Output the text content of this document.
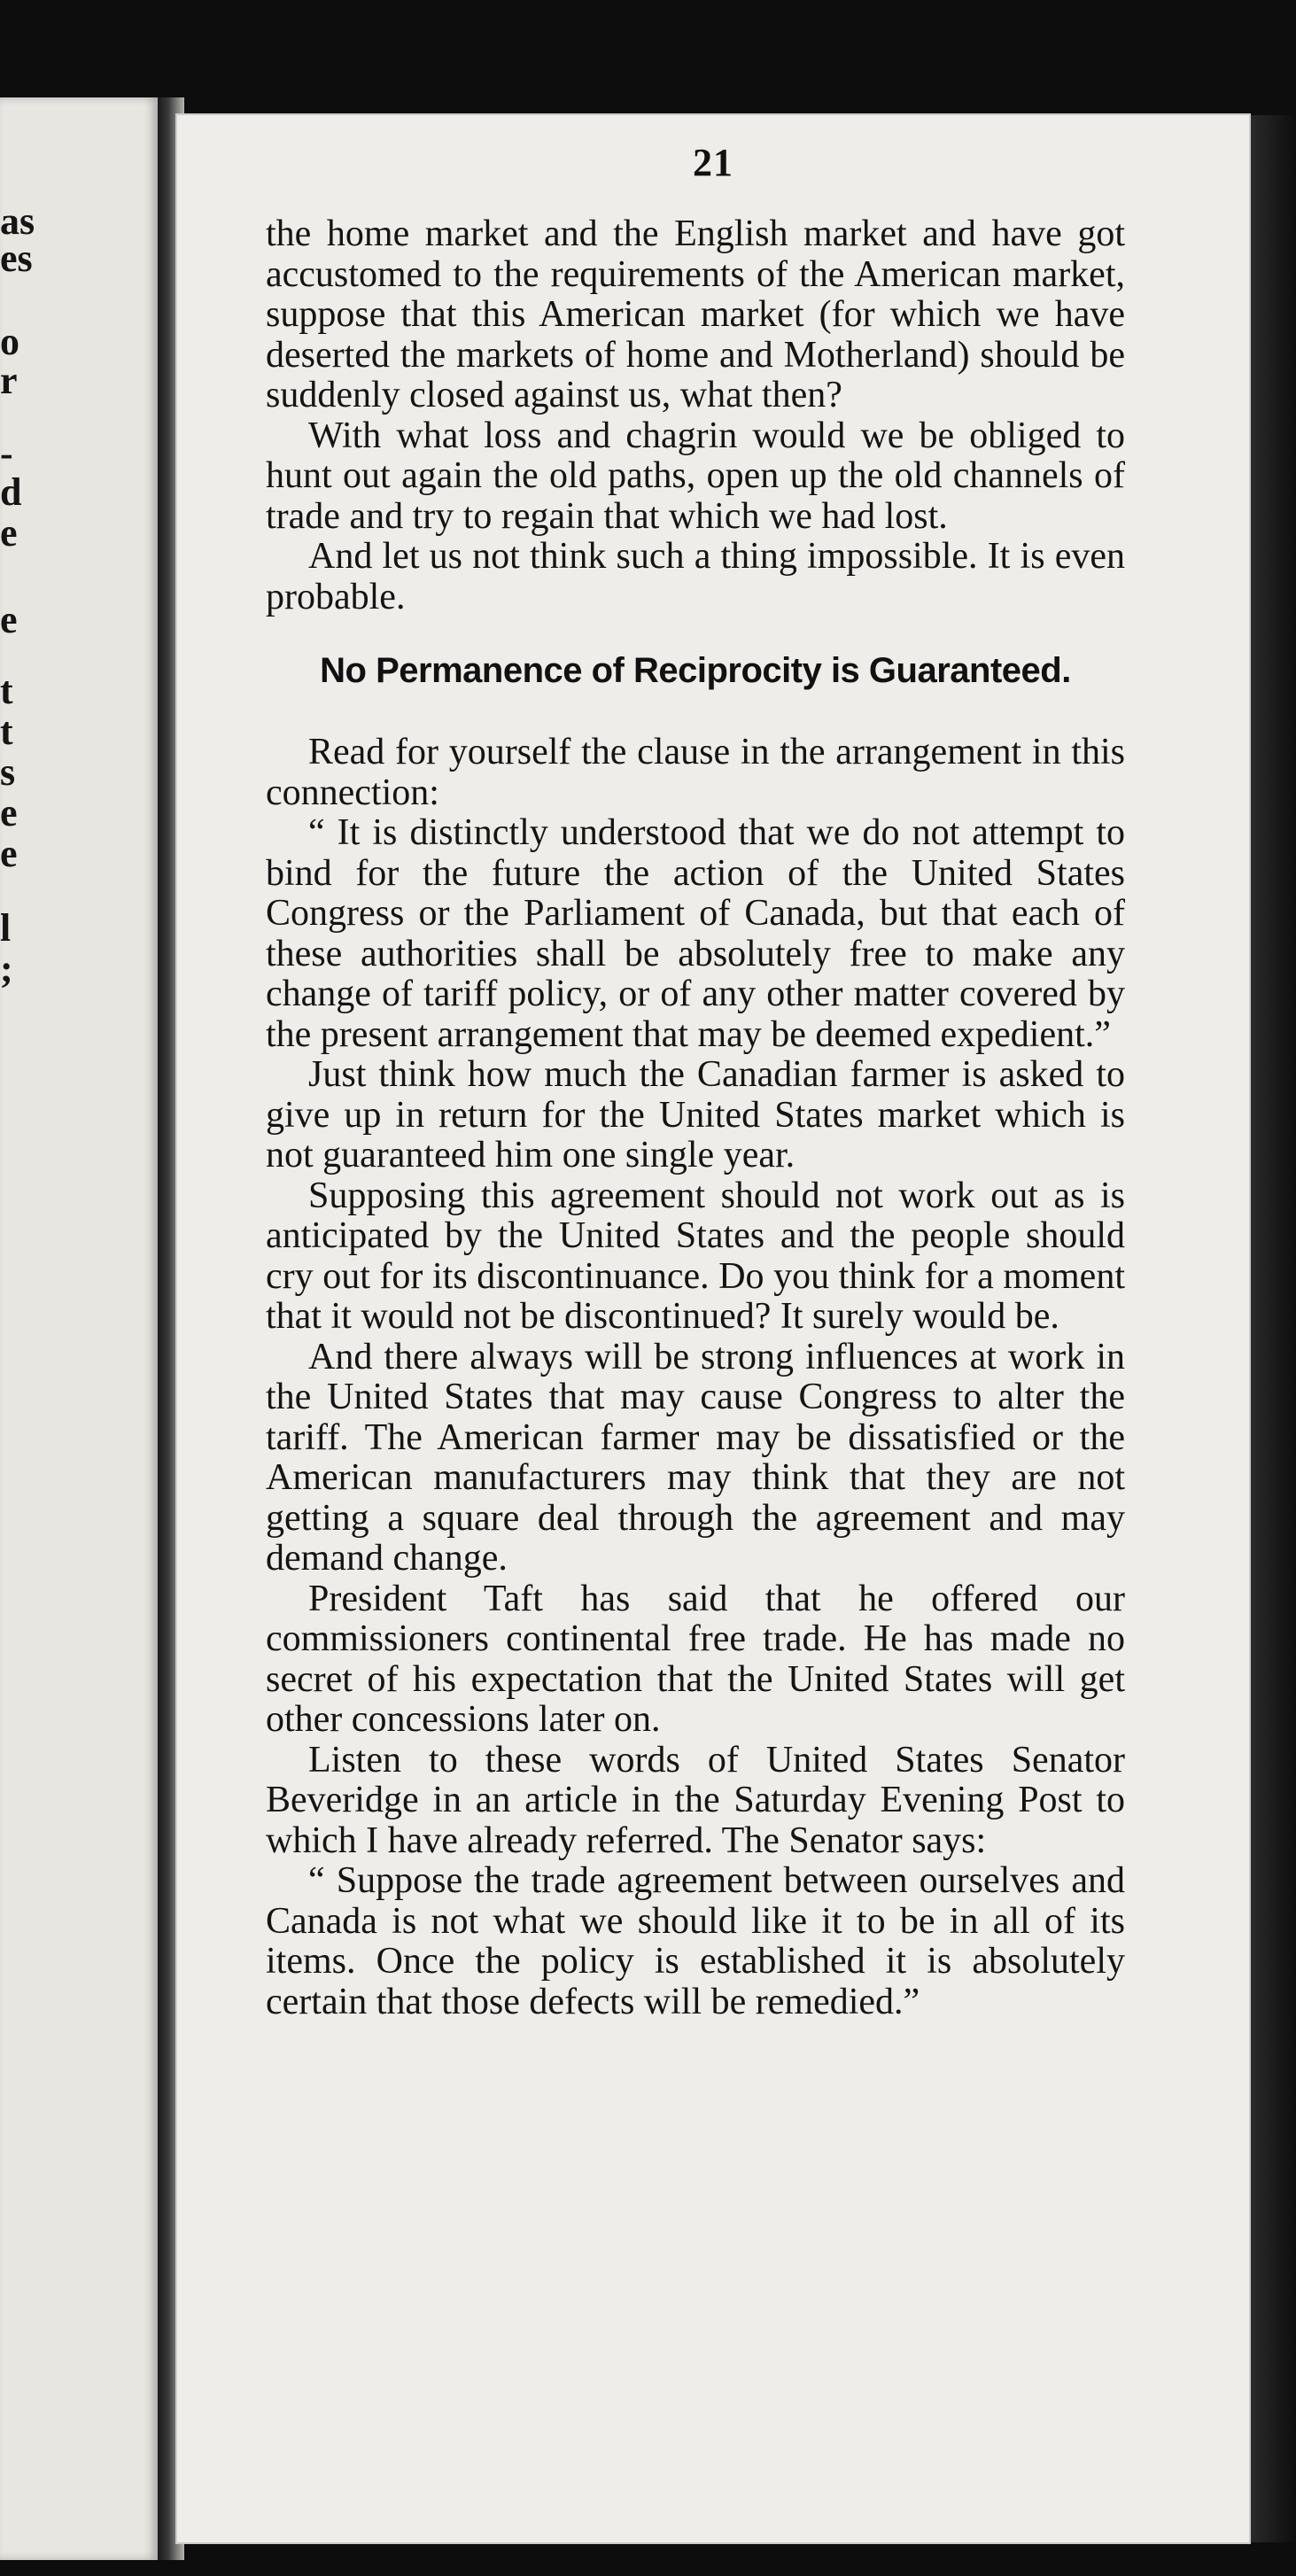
as
es
o
r
-
d
e
e
t
t
s
e
e
l
;
21

the home market and the English market and have got accustomed to the requirements of the American market, suppose that this American market (for which we have deserted the markets of home and Motherland) should be suddenly closed against us, what then?

With what loss and chagrin would we be obliged to hunt out again the old paths, open up the old channels of trade and try to regain that which we had lost.

And let us not think such a thing impossible. It is even probable.

No Permanence of Reciprocity is Guaranteed.

Read for yourself the clause in the arrangement in this connection:

“ It is distinctly understood that we do not attempt to bind for the future the action of the United States Congress or the Parliament of Canada, but that each of these authorities shall be absolutely free to make any change of tariff policy, or of any other matter covered by the present arrangement that may be deemed expedient.”

Just think how much the Canadian farmer is asked to give up in return for the United States market which is not guaranteed him one single year.

Supposing this agreement should not work out as is anticipated by the United States and the people should cry out for its discontinuance. Do you think for a moment that it would not be discontinued? It surely would be.

And there always will be strong influences at work in the United States that may cause Congress to alter the tariff. The American farmer may be dissatisfied or the American manufacturers may think that they are not getting a square deal through the agreement and may demand change.

President Taft has said that he offered our commissioners continental free trade. He has made no secret of his expectation that the United States will get other concessions later on.

Listen to these words of United States Senator Beveridge in an article in the Saturday Evening Post to which I have already referred. The Senator says:

“ Suppose the trade agreement between ourselves and Canada is not what we should like it to be in all of its items. Once the policy is established it is absolutely certain that those defects will be remedied.”
